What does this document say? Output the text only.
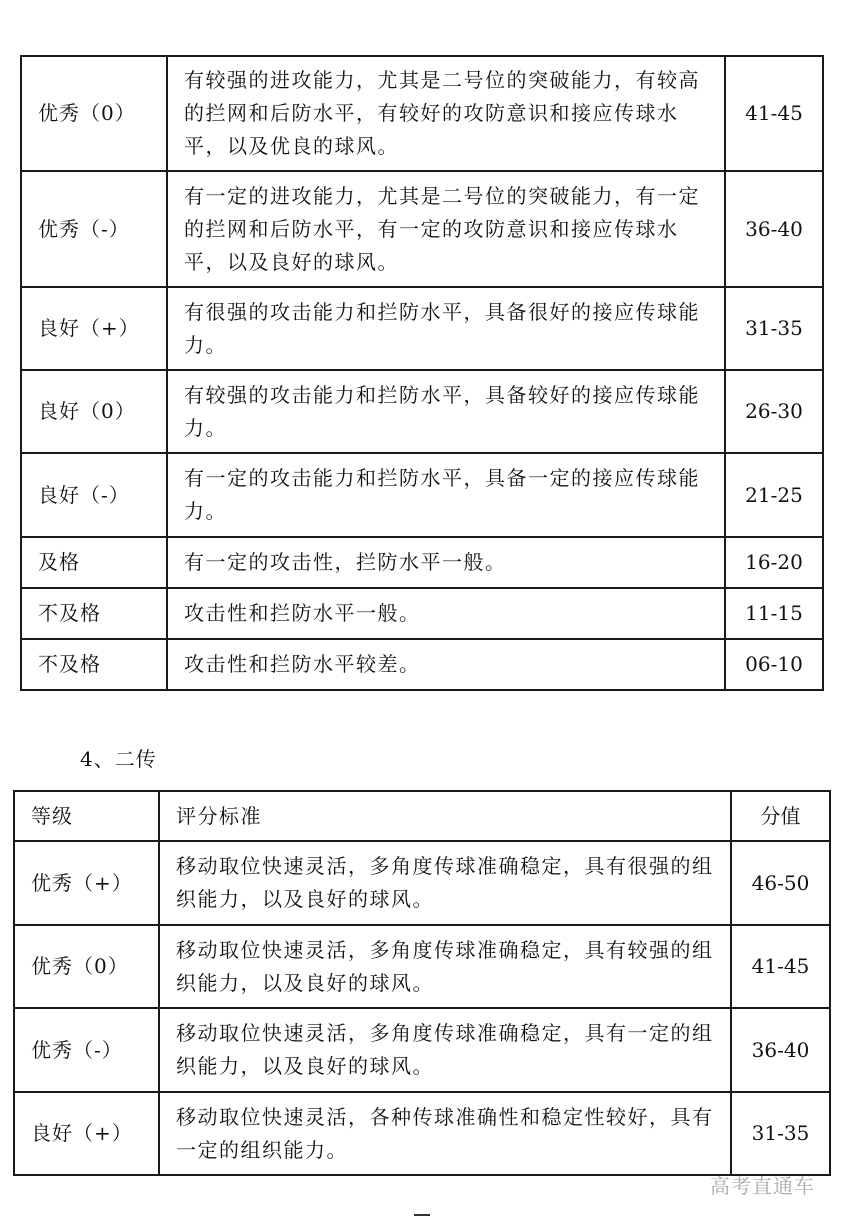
优秀（0）	有较强的进攻能力，尤其是二号位的突破能力，有较高的拦网和后防水平，有较好的攻防意识和接应传球水平，以及优良的球风。	41-45
优秀（-）	有一定的进攻能力，尤其是二号位的突破能力，有一定的拦网和后防水平，有一定的攻防意识和接应传球水平，以及良好的球风。	36-40
良好（+）	有很强的攻击能力和拦防水平，具备很好的接应传球能力。	31-35
良好（0）	有较强的攻击能力和拦防水平，具备较好的接应传球能力。	26-30
良好（-）	有一定的攻击能力和拦防水平，具备一定的接应传球能力。	21-25
及格	有一定的攻击性，拦防水平一般。	16-20
不及格	攻击性和拦防水平一般。	11-15
不及格	攻击性和拦防水平较差。	06-10
4、二传
等级	评分标准	分值
优秀（+）	移动取位快速灵活，多角度传球准确稳定，具有很强的组织能力，以及良好的球风。	46-50
优秀（0）	移动取位快速灵活，多角度传球准确稳定，具有较强的组织能力，以及良好的球风。	41-45
优秀（-）	移动取位快速灵活，多角度传球准确稳定，具有一定的组织能力，以及良好的球风。	36-40
良好（+）	移动取位快速灵活，各种传球准确性和稳定性较好，具有一定的组织能力。	31-35
高考直通车
